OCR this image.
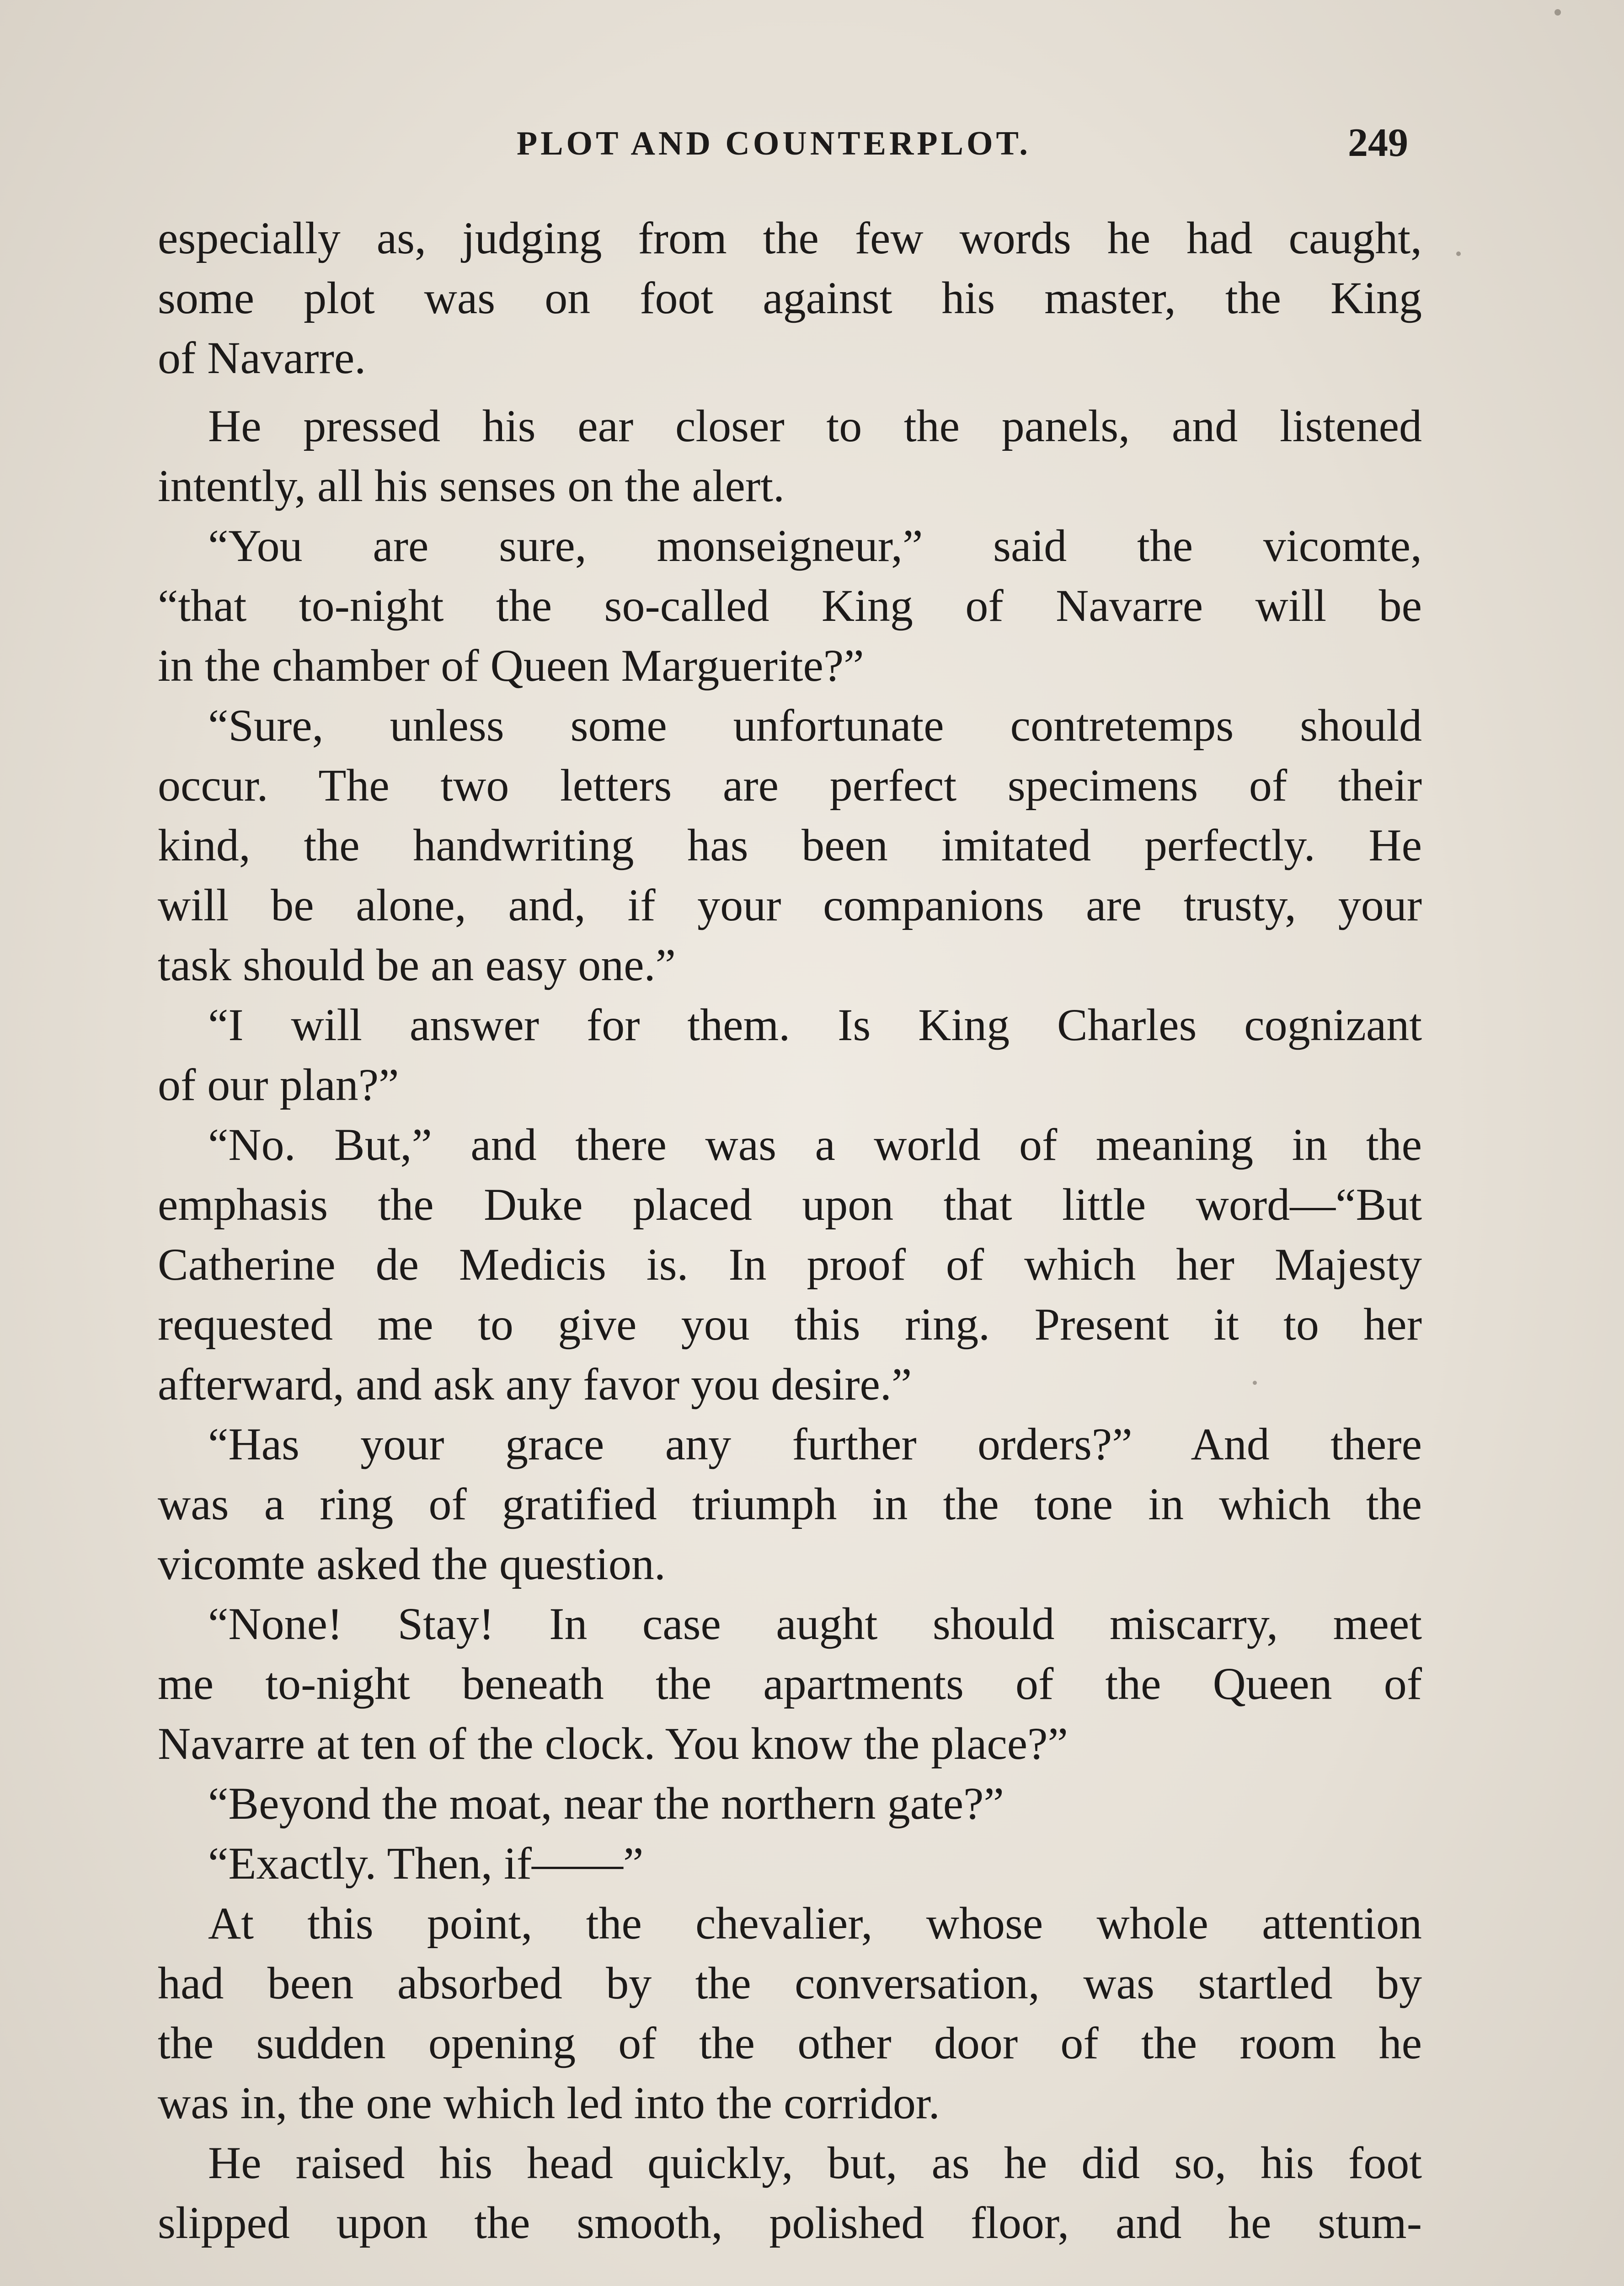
PLOT AND COUNTERPLOT.	249
especially as, judging from the few words he had caught,
some plot was on foot against his master, the King
of Navarre.
He pressed his ear closer to the panels, and listened
intently, all his senses on the alert.
“You are sure, monseigneur,” said the vicomte,
“that to-night the so-called King of Navarre will be
in the chamber of Queen Marguerite?”
“Sure, unless some unfortunate contretemps should
occur. The two letters are perfect specimens of their
kind, the handwriting has been imitated perfectly. He
will be alone, and, if your companions are trusty, your
task should be an easy one.”
“I will answer for them. Is King Charles cognizant
of our plan?”
“No. But,” and there was a world of meaning in the
emphasis the Duke placed upon that little word—“But
Catherine de Medicis is. In proof of which her Majesty
requested me to give you this ring. Present it to her
afterward, and ask any favor you desire.”
“Has your grace any further orders?” And there
was a ring of gratified triumph in the tone in which the
vicomte asked the question.
“None! Stay! In case aught should miscarry, meet
me to-night beneath the apartments of the Queen of
Navarre at ten of the clock. You know the place?”
“Beyond the moat, near the northern gate?”
“Exactly. Then, if——”
At this point, the chevalier, whose whole attention
had been absorbed by the conversation, was startled by
the sudden opening of the other door of the room he
was in, the one which led into the corridor.
He raised his head quickly, but, as he did so, his foot
slipped upon the smooth, polished floor, and he stum-
